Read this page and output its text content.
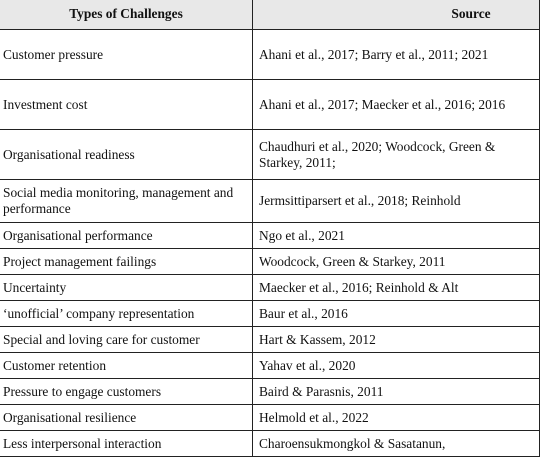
Types of Challenges	Source
Customer pressure	Ahani et al., 2017; Barry et al., 2011; 2021
Investment cost	Ahani et al., 2017; Maecker et al., 2016; 2016
Organisational readiness	Chaudhuri et al., 2020; Woodcock, Green & Starkey, 2011;
Social media monitoring, management and performance	Jermsittiparsert et al., 2018; Reinhold
Organisational performance	Ngo et al., 2021
Project management failings	Woodcock, Green & Starkey, 2011
Uncertainty	Maecker et al., 2016; Reinhold & Alt
‘unofficial’ company representation	Baur et al., 2016
Special and loving care for customer	Hart & Kassem, 2012
Customer retention	Yahav et al., 2020
Pressure to engage customers	Baird & Parasnis, 2011
Organisational resilience	Helmold et al., 2022
Less interpersonal interaction	Charoensukmongkol & Sasatanun,
